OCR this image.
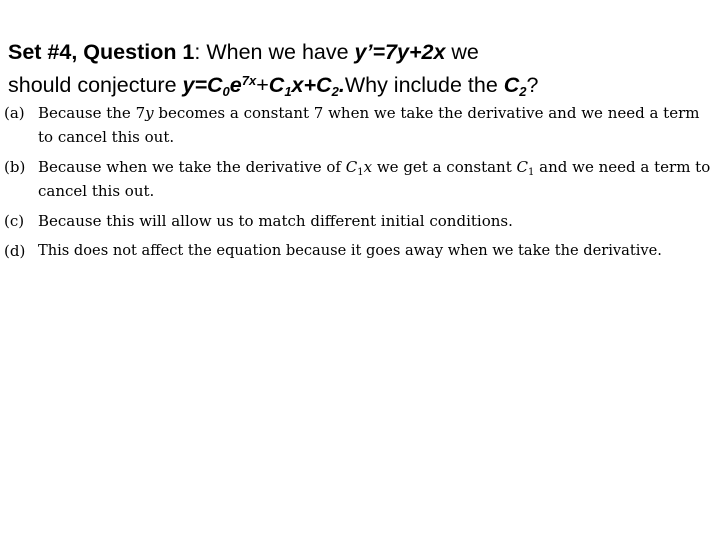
Set #4, Question 1: When we have y’=7y+2x we
should conjecture $y=C_0e^{7x}+C_1x+C_2.Why$ include the $C_2$?
(a) Because the 7y becomes a constant 7 when we take the derivative and we need a term to cancel this out.
(b) Because when we take the derivative of $C_1x$ we get a constant $C_1$ and we need a term to cancel this out.
(c) Because this will allow us to match different initial conditions.
(d) This does not affect the equation because it goes away when we take the derivative.
